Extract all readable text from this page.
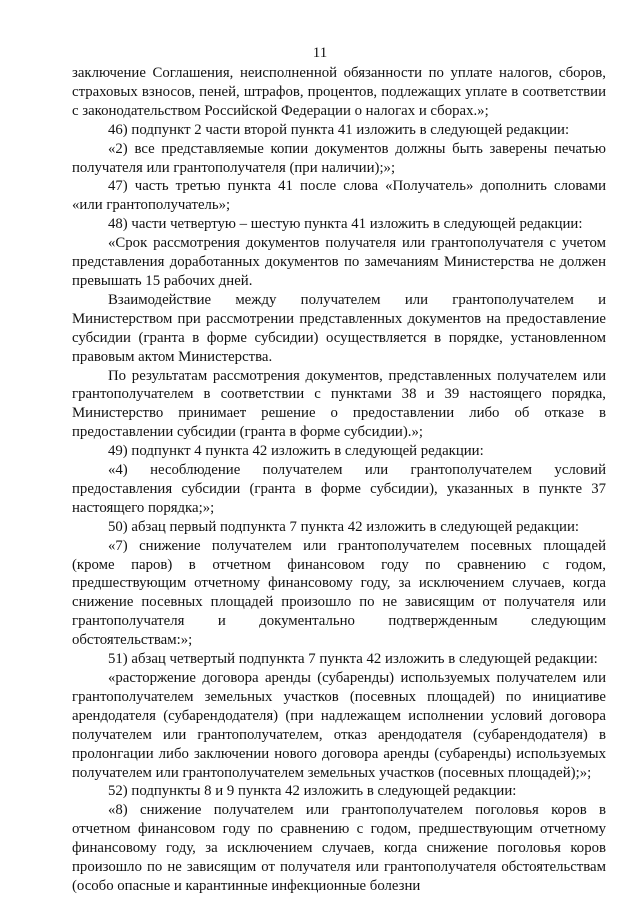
11

заключение Соглашения, неисполненной обязанности по уплате налогов, сборов, страховых взносов, пеней, штрафов, процентов, подлежащих уплате в соответствии с законодательством Российской Федерации о налогах и сборах.»;

46) подпункт 2 части второй пункта 41 изложить в следующей редакции:

«2) все представляемые копии документов должны быть заверены печатью получателя или грантополучателя (при наличии);»;

47) часть третью пункта 41 после слова «Получатель» дополнить словами «или грантополучатель»;

48) части четвертую – шестую пункта 41 изложить в следующей редакции:

«Срок рассмотрения документов получателя или грантополучателя с учетом представления доработанных документов по замечаниям Министерства не должен превышать 15 рабочих дней.

Взаимодействие между получателем или грантополучателем и Министерством при рассмотрении представленных документов на предоставление субсидии (гранта в форме субсидии) осуществляется в порядке, установленном правовым актом Министерства.

По результатам рассмотрения документов, представленных получателем или грантополучателем в соответствии с пунктами 38 и 39 настоящего порядка, Министерство принимает решение о предоставлении либо об отказе в предоставлении субсидии (гранта в форме субсидии).»;

49) подпункт 4 пункта 42 изложить в следующей редакции:

«4) несоблюдение получателем или грантополучателем условий предоставления субсидии (гранта в форме субсидии), указанных в пункте 37 настоящего порядка;»;

50) абзац первый подпункта 7 пункта 42 изложить в следующей редакции:

«7) снижение получателем или грантополучателем посевных площадей (кроме паров) в отчетном финансовом году по сравнению с годом, предшествующим отчетному финансовому году, за исключением случаев, когда снижение посевных площадей произошло по не зависящим от получателя или грантополучателя и документально подтвержденным следующим обстоятельствам:»;

51) абзац четвертый подпункта 7 пункта 42 изложить в следующей редакции:

«расторжение договора аренды (субаренды) используемых получателем или грантополучателем земельных участков (посевных площадей) по инициативе арендодателя (субарендодателя) (при надлежащем исполнении условий договора получателем или грантополучателем, отказ арендодателя (субарендодателя) в пролонгации либо заключении нового договора аренды (субаренды) используемых получателем или грантополучателем земельных участков (посевных площадей);»;

52) подпункты 8 и 9 пункта 42 изложить в следующей редакции:

«8) снижение получателем или грантополучателем поголовья коров в отчетном финансовом году по сравнению с годом, предшествующим отчетному финансовому году, за исключением случаев, когда снижение поголовья коров произошло по не зависящим от получателя или грантополучателя обстоятельствам (особо опасные и карантинные инфекционные болезни
